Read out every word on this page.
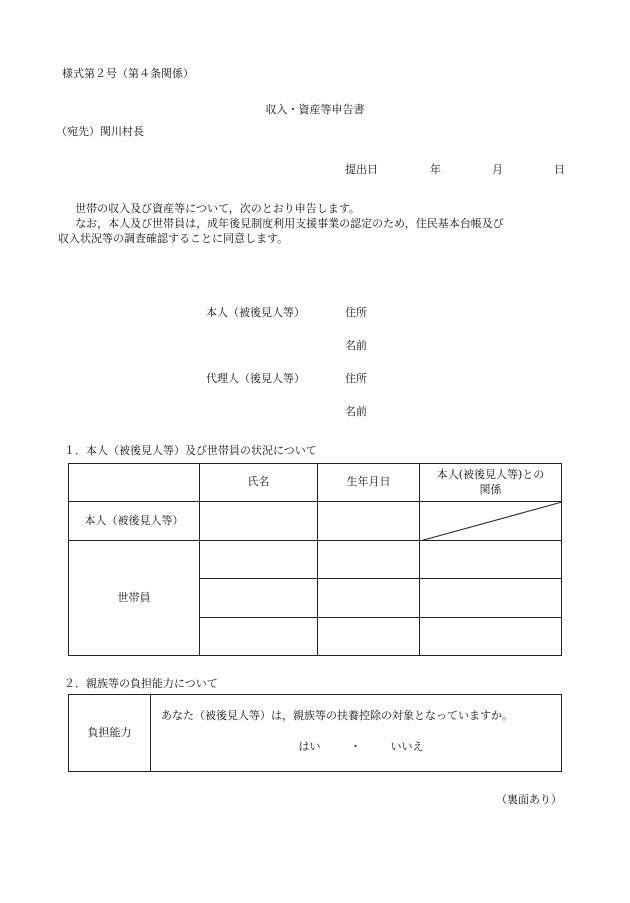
様式第２号（第４条関係）
収入・資産等申告書
（宛先）関川村長
提出日	年	月	日

世帯の収入及び資産等について，次のとおり申告します。

なお，本人及び世帯員は，成年後見制度利用支援事業の認定のため，住民基本台帳及び

収入状況等の調査確認することに同意します。

本人（被後見人等）	住所
名前
代理人（後見人等）	住所
名前
１．本人（被後見人等）及び世帯員の状況について
	氏名	生年月日	本人(被後見人等)との
関係

本人（被後見人等）			

世帯員			

２．親族等の負担能力について
負担能力	
あなた（被後見人等）は，親族等の扶養控除の対象となっていますか。
はい	・	いいえ
（裏面あり）
